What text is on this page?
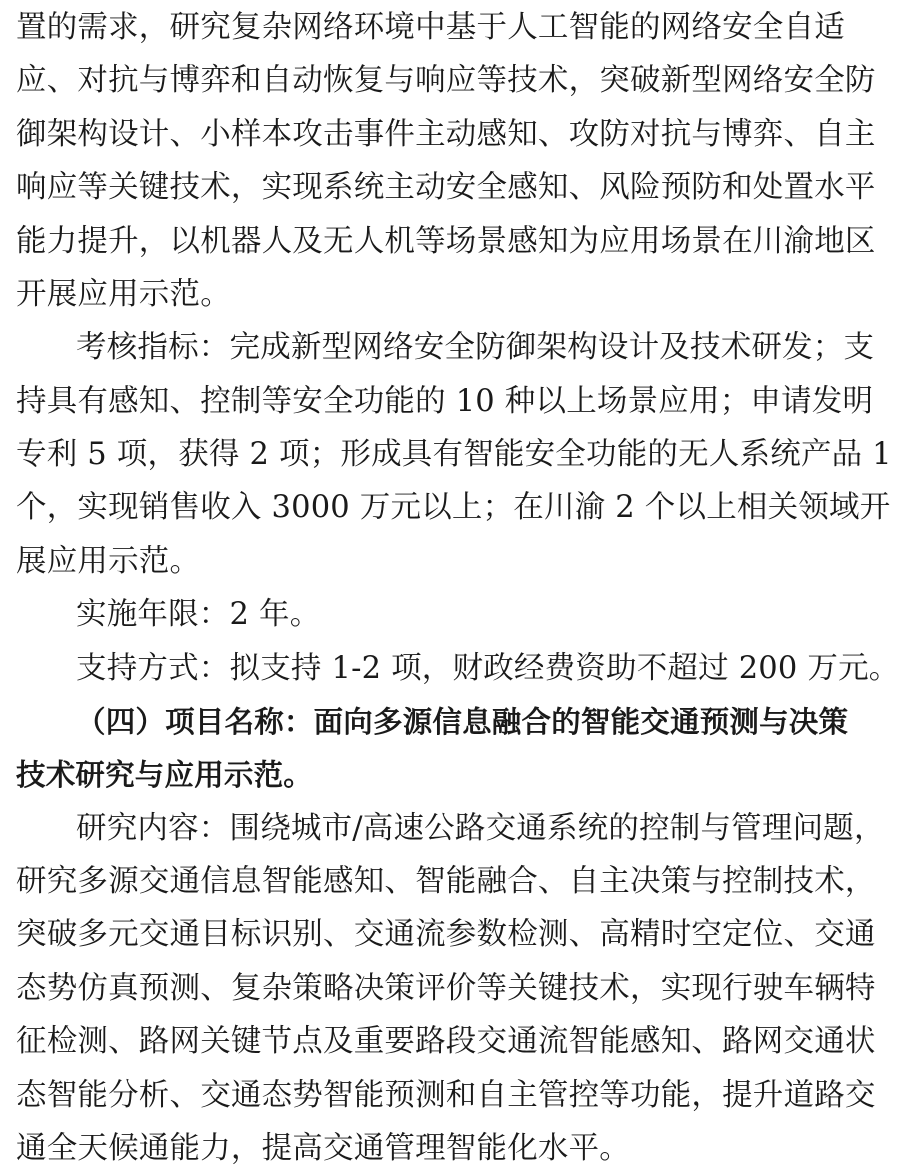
置的需求，研究复杂网络环境中基于人工智能的网络安全自适
应、对抗与博弈和自动恢复与响应等技术，突破新型网络安全防
御架构设计、小样本攻击事件主动感知、攻防对抗与博弈、自主
响应等关键技术，实现系统主动安全感知、风险预防和处置水平
能力提升，以机器人及无人机等场景感知为应用场景在川渝地区
开展应用示范。
考核指标：完成新型网络安全防御架构设计及技术研发；支
持具有感知、控制等安全功能的 10 种以上场景应用；申请发明
专利 5 项，获得 2 项；形成具有智能安全功能的无人系统产品 1
个，实现销售收入 3000 万元以上；在川渝 2 个以上相关领域开
展应用示范。
实施年限：2 年。
支持方式：拟支持 1-2 项，财政经费资助不超过 200 万元。
（四）项目名称：面向多源信息融合的智能交通预测与决策
技术研究与应用示范。
研究内容：围绕城市/高速公路交通系统的控制与管理问题，
研究多源交通信息智能感知、智能融合、自主决策与控制技术，
突破多元交通目标识别、交通流参数检测、高精时空定位、交通
态势仿真预测、复杂策略决策评价等关键技术，实现行驶车辆特
征检测、路网关键节点及重要路段交通流智能感知、路网交通状
态智能分析、交通态势智能预测和自主管控等功能，提升道路交
通全天候通能力，提高交通管理智能化水平。
